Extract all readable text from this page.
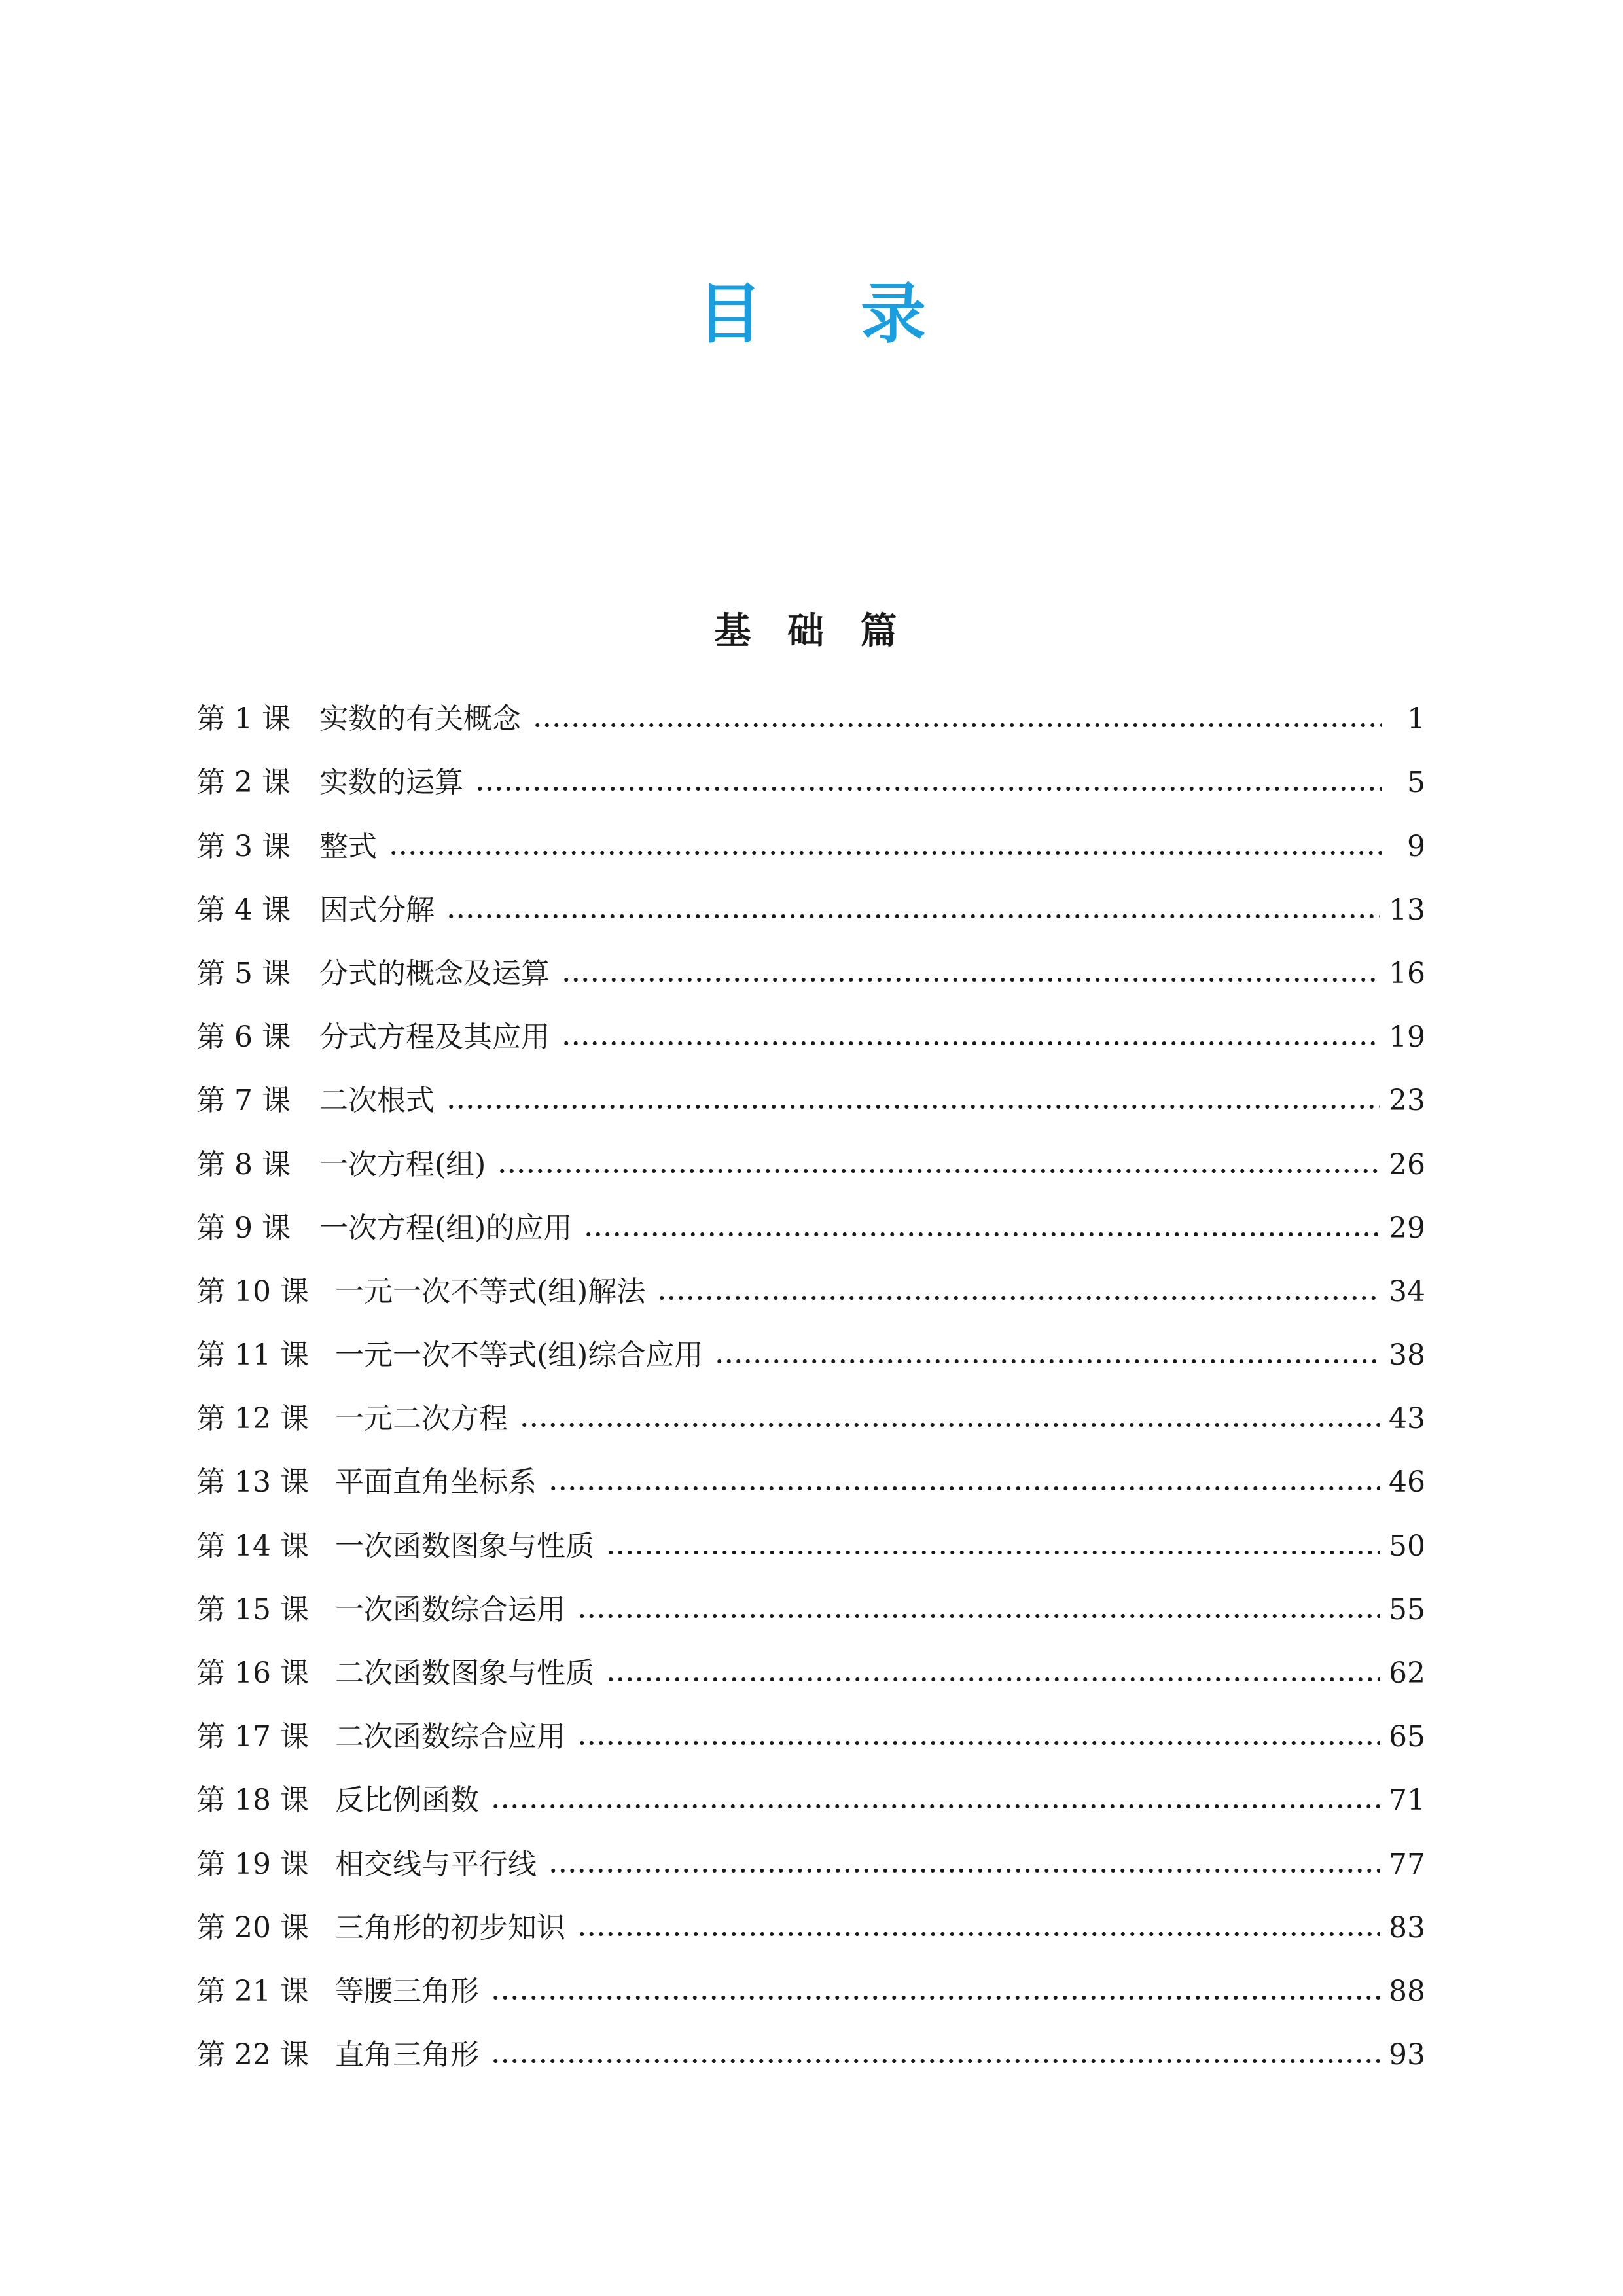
目 录
基 础 篇
第 1 课	实数的有关概念	1
第 2 课	实数的运算	5
第 3 课	整式	9
第 4 课	因式分解	13
第 5 课	分式的概念及运算	16
第 6 课	分式方程及其应用	19
第 7 课	二次根式	23
第 8 课	一次方程(组)	26
第 9 课	一次方程(组)的应用	29
第 10 课 一元一次不等式(组)解法	34
第 11 课 一元一次不等式(组)综合应用	38
第 12 课 一元二次方程	43
第 13 课 平面直角坐标系	46
第 14 课 一次函数图象与性质	50
第 15 课 一次函数综合运用	55
第 16 课 二次函数图象与性质	62
第 17 课 二次函数综合应用	65
第 18 课 反比例函数	71
第 19 课 相交线与平行线	77
第 20 课 三角形的初步知识	83
第 21 课 等腰三角形	88
第 22 课 直角三角形	93
